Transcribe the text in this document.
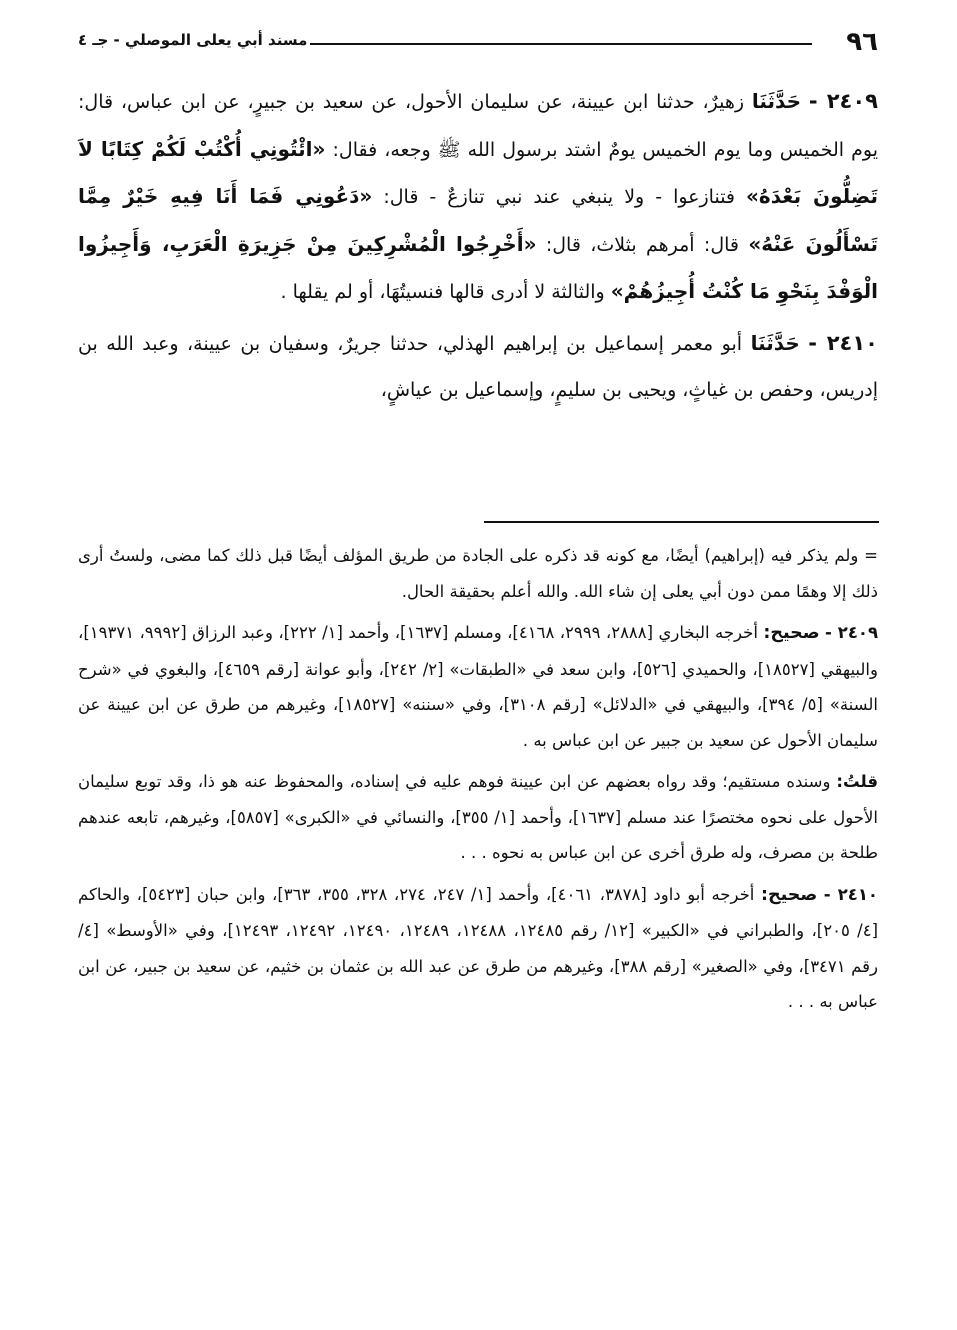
٩٦
مسند أبي يعلى الموصلي - جـ ٤

٢٤٠٩ - حَدَّثَنَا زهيرٌ، حدثنا ابن عيينة، عن سليمان الأحول، عن سعيد بن جبيرٍ، عن ابن عباس، قال: يوم الخميس وما يوم الخميس يومٌ اشتد برسول الله ﷺ وجعه، فقال: «ائْتُونِي أُكْتُبْ لَكُمْ كِتَابًا لاَ تَضِلُّونَ بَعْدَهُ» فتنازعوا - ولا ينبغي عند نبي تنازعٌ - قال: «دَعُونِي فَمَا أَنَا فِيهِ خَيْرٌ مِمَّا تَسْأَلُونَ عَنْهُ» قال: أمرهم بثلاث، قال: «أَخْرِجُوا الْمُشْرِكِينَ مِنْ جَزِيرَةِ الْعَرَبِ، وَأَجِيزُوا الْوَفْدَ بِنَحْوِ مَا كُنْتُ أُجِيزُهُمْ» والثالثة لا أدرى قالها فنسيتُهَا، أو لم يقلها .

٢٤١٠ - حَدَّثَنَا أبو معمر إسماعيل بن إبراهيم الهذلي، حدثنا جريرٌ، وسفيان بن عيينة، وعبد الله بن إدريس، وحفص بن غياثٍ، ويحيى بن سليمٍ، وإسماعيل بن عياشٍ،

= ولم يذكر فيه (إبراهيم) أيضًا، مع كونه قد ذكره على الجادة من طريق المؤلف أيضًا قبل ذلك كما مضى، ولستُ أرى ذلك إلا وهمًا ممن دون أبي يعلى إن شاء الله. والله أعلم بحقيقة الحال.

٢٤٠٩ - صحيح: أخرجه البخاري [٢٨٨٨، ٢٩٩٩، ٤١٦٨]، ومسلم [١٦٣٧]، وأحمد [١/ ٢٢٢]، وعبد الرزاق [٩٩٩٢، ١٩٣٧١]، والبيهقي [١٨٥٢٧]، والحميدي [٥٢٦]، وابن سعد في «الطبقات» [٢/ ٢٤٢]، وأبو عوانة [رقم ٤٦٥٩]، والبغوي في «شرح السنة» [٥/ ٣٩٤]، والبيهقي في «الدلائل» [رقم ٣١٠٨]، وفي «سننه» [١٨٥٢٧]، وغيرهم من طرق عن ابن عيينة عن سليمان الأحول عن سعيد بن جبير عن ابن عباس به .

قلتُ: وسنده مستقيم؛ وقد رواه بعضهم عن ابن عيينة فوهم عليه في إسناده، والمحفوظ عنه هو ذا، وقد توبع سليمان الأحول على نحوه مختصرًا عند مسلم [١٦٣٧]، وأحمد [١/ ٣٥٥]، والنسائي في «الكبرى» [٥٨٥٧]، وغيرهم، تابعه عندهم طلحة بن مصرف، وله طرق أخرى عن ابن عباس به نحوه . . .

٢٤١٠ - صحيح: أخرجه أبو داود [٣٨٧٨، ٤٠٦١]، وأحمد [١/ ٢٤٧، ٢٧٤، ٣٢٨، ٣٥٥، ٣٦٣]، وابن حبان [٥٤٢٣]، والحاكم [٤/ ٢٠٥]، والطبراني في «الكبير» [١٢/ رقم ١٢٤٨٥، ١٢٤٨٨، ١٢٤٨٩، ١٢٤٩٠، ١٢٤٩٢، ١٢٤٩٣]، وفي «الأوسط» [٤/ رقم ٣٤٧١]، وفي «الصغير» [رقم ٣٨٨]، وغيرهم من طرق عن عبد الله بن عثمان بن خثيم، عن سعيد بن جبير، عن ابن عباس به . . .
